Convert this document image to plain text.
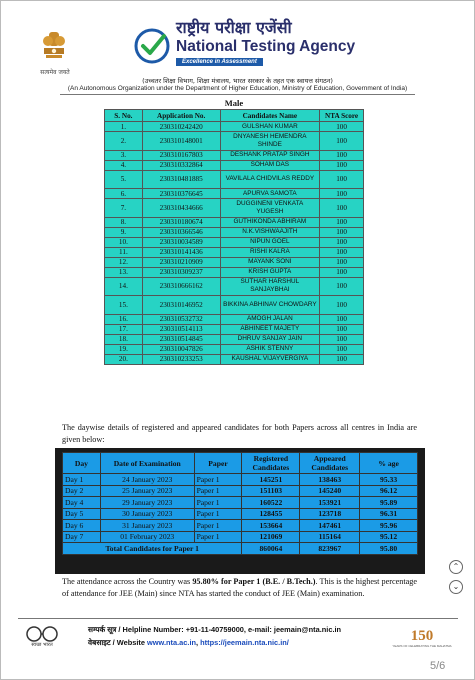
सत्यमेव जयते
राष्ट्रीय परीक्षा एजेंसी
National Testing Agency
Excellence in Assessment
(उच्चतर शिक्षा विभाग, शिक्षा मंत्रालय, भारत सरकार के तहत एक स्वायत्त संगठन)
(An Autonomous Organization under the Department of Higher Education, Ministry of Education, Government of India)
Male
S. No.	Application No.	Candidates Name	NTA Score
1.	230310242420	GULSHAN KUMAR	100
2.	230310148001	DNYANESH HEMENDRA SHINDE	100
3.	230310167803	DESHANK PRATAP SINGH	100
4.	230310332864	SOHAM DAS	100
5.	230310481885	VAVILALA CHIDVILAS REDDY	100
6.	230310376645	APURVA SAMOTA	100
7.	230310434666	DUGGINENI VENKATA YUGESH	100
8.	230310180674	GUTHIKONDA ABHIRAM	100
9.	230310366546	N.K.VISHWAAJITH	100
10.	230310034589	NIPUN GOEL	100
11.	230310141436	RISHI KALRA	100
12.	230310210909	MAYANK SONI	100
13.	230310309237	KRISH GUPTA	100
14.	230310666162	SUTHAR HARSHUL SANJAYBHAI	100
15.	230310146952	BIKKINA ABHINAV CHOWDARY	100
16.	230310532732	AMOGH JALAN	100
17.	230310514113	ABHINEET MAJETY	100
18.	230310514845	DHRUV SANJAY JAIN	100
19.	230310047826	ASHIK STENNY	100
20.	230310233253	KAUSHAL VIJAYVERGIYA	100
The daywise details of registered and appeared candidates for both Papers across all centres in India are given below:
Day	Date of Examination	Paper	Registered Candidates	Appeared Candidates	% age
Day 1	24 January 2023	Paper 1	145251	138463	95.33
Day 2	25 January 2023	Paper 1	151103	145240	96.12
Day 4	29 January 2023	Paper 1	160522	153921	95.89
Day 5	30 January 2023	Paper 1	128455	123718	96.31
Day 6	31 January 2023	Paper 1	153664	147461	95.96
Day 7	01 February 2023	Paper 1	121069	115164	95.12
Total Candidates for Paper 1			860064	823967	95.80
The attendance across the Country was 95.80% for Paper 1 (B.E. / B.Tech.). This is the highest percentage of attendance for JEE (Main) since NTA has started the conduct of JEE (Main) examination.
स्वच्छ भारत
सम्पर्क सूत्र / Helpline Number: +91-11-40759000, e-mail: jeemain@nta.nic.in
वेबसाइट / Website www.nta.ac.in, https://jeemain.nta.nic.in/	150
YEARS OF CELEBRATING THE MAHATMA
5/6
⌃
⌄
